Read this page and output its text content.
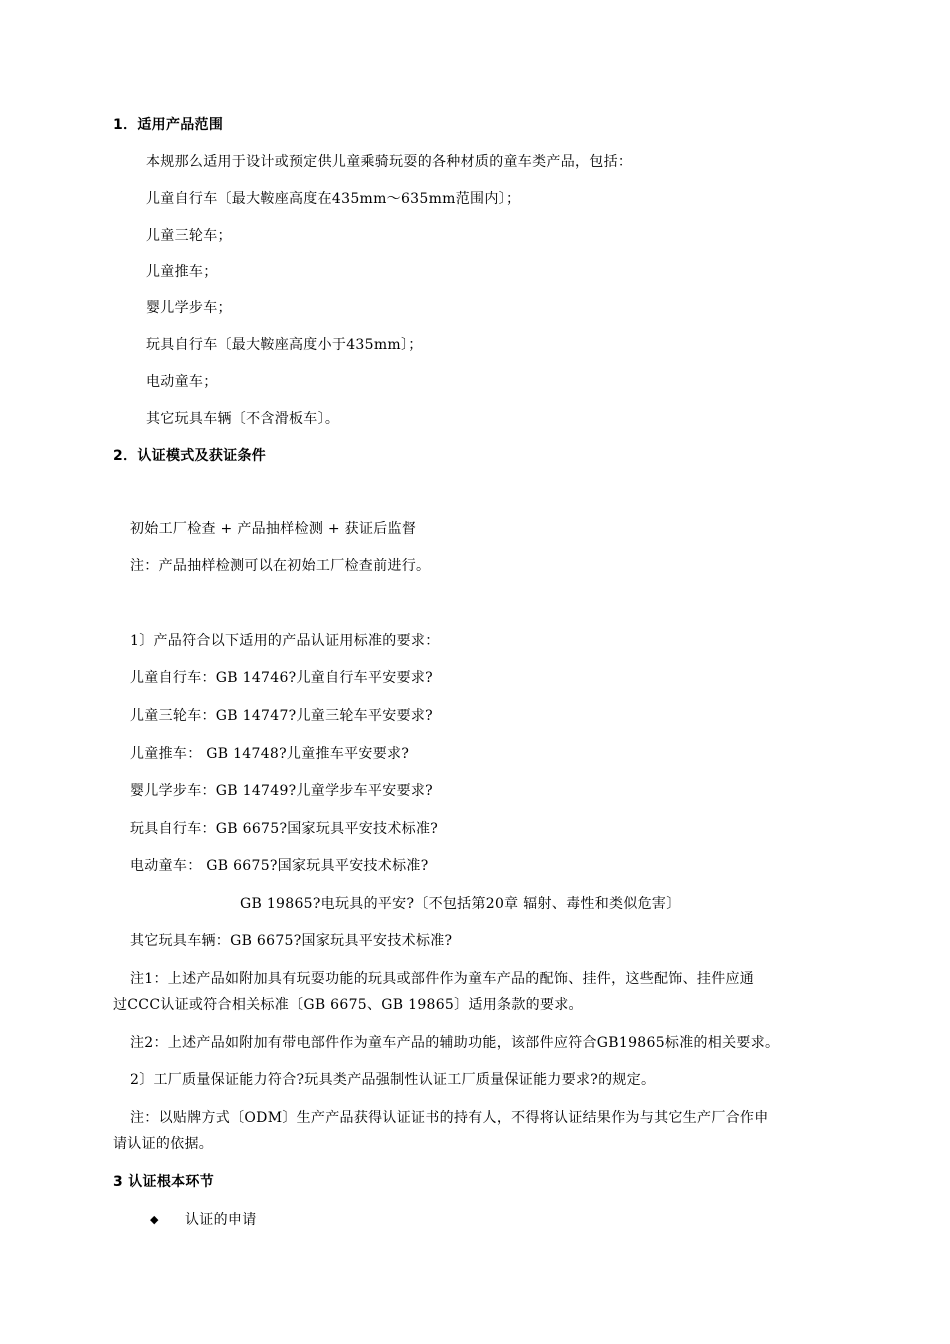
1．适用产品范围
本规那么适用于设计或预定供儿童乘骑玩耍的各种材质的童车类产品，包括：
儿童自行车〔最大鞍座高度在435mm～635mm范围内〕；
儿童三轮车；
儿童推车；
婴儿学步车；
玩具自行车〔最大鞍座高度小于435mm〕；
电动童车；
其它玩具车辆〔不含滑板车〕。
2．认证模式及获证条件
初始工厂检查 + 产品抽样检测 + 获证后监督
注：产品抽样检测可以在初始工厂检查前进行。
1〕产品符合以下适用的产品认证用标准的要求：
儿童自行车：GB 14746?儿童自行车平安要求?
儿童三轮车：GB 14747?儿童三轮车平安要求?
儿童推车： GB 14748?儿童推车平安要求?
婴儿学步车：GB 14749?儿童学步车平安要求?
玩具自行车：GB 6675?国家玩具平安技术标准?
电动童车： GB 6675?国家玩具平安技术标准?
GB 19865?电玩具的平安?〔不包括第20章 辐射、毒性和类似危害〕
其它玩具车辆：GB 6675?国家玩具平安技术标准?
注1：上述产品如附加具有玩耍功能的玩具或部件作为童车产品的配饰、挂件，这些配饰、挂件应通
过CCC认证或符合相关标准〔GB 6675、GB 19865〕适用条款的要求。
注2：上述产品如附加有带电部件作为童车产品的辅助功能，该部件应符合GB19865标准的相关要求。
2〕工厂质量保证能力符合?玩具类产品强制性认证工厂质量保证能力要求?的规定。
注：以贴牌方式〔ODM〕生产产品获得认证证书的持有人，不得将认证结果作为与其它生产厂合作申
请认证的依据。
3 认证根本环节
◆ 认证的申请
